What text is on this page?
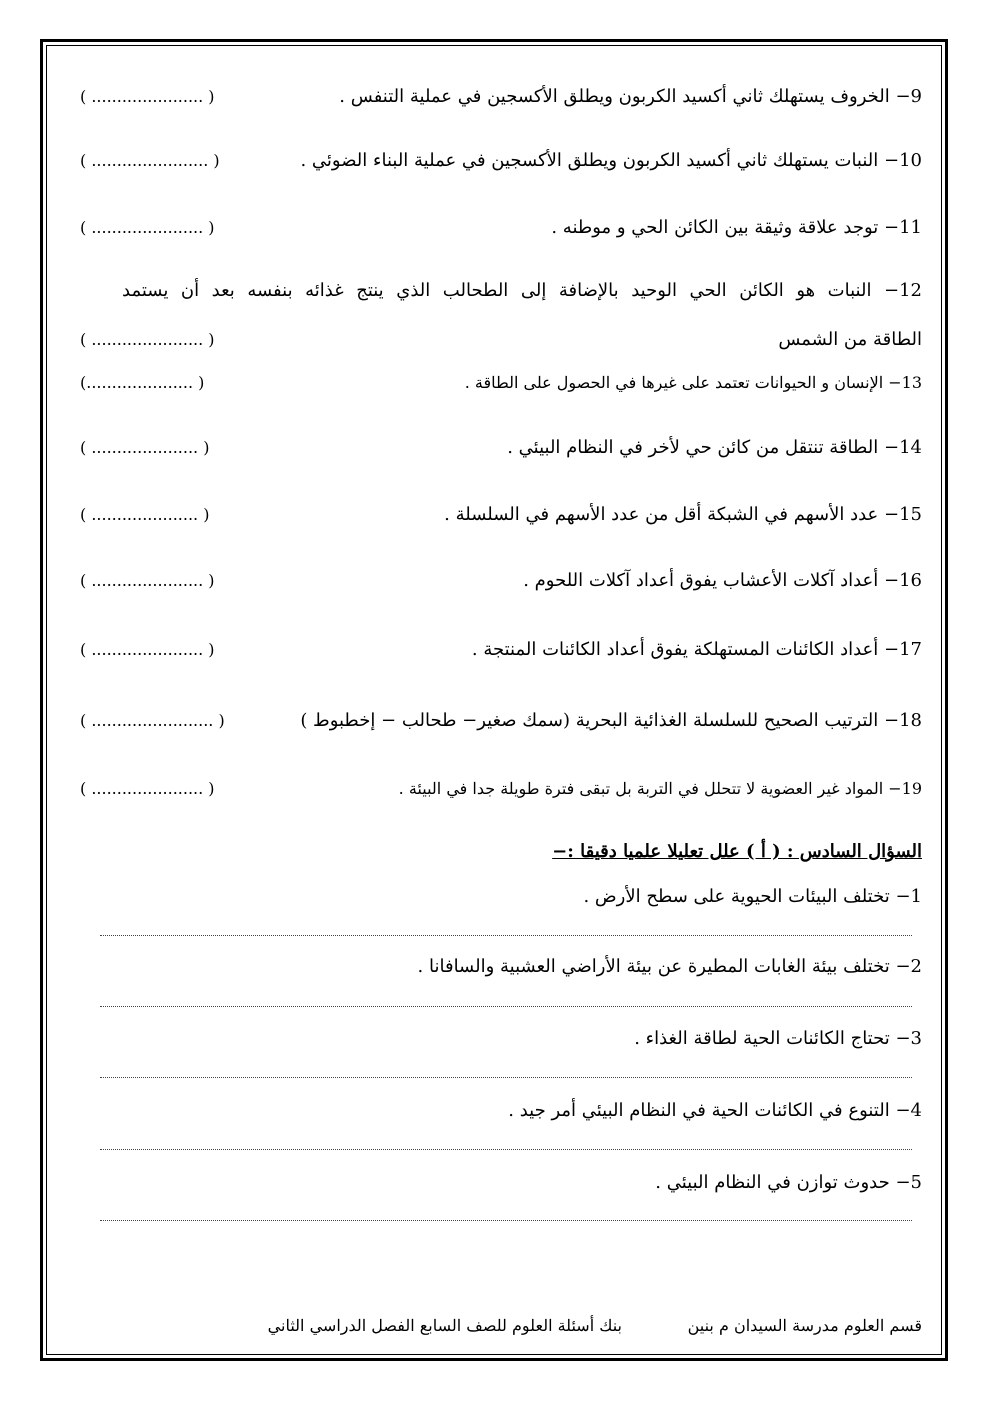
( ...................... )	9− الخروف يستهلك ثاني أكسيد الكربون ويطلق الأكسجين في عملية التنفس .
( ....................... )	10− النبات يستهلك ثاني أكسيد الكربون ويطلق الأكسجين في عملية البناء الضوئي .
( ...................... )	11− توجد علاقة وثيقة بين الكائن الحي و موطنه .
12− النبات هو الكائن الحي الوحيد بالإضافة إلى الطحالب الذي ينتج غذائه بنفسه بعد أن يستمد
( ...................... )	الطاقة من الشمس
(..................... )	13− الإنسان و الحيوانات تعتمد على غيرها في الحصول على الطاقة .
( ..................... )	14− الطاقة تنتقل من كائن حي لأخر في النظام البيئي .
( ..................... )	15− عدد الأسهم في الشبكة أقل من عدد الأسهم في السلسلة .
( ...................... )	16− أعداد آكلات الأعشاب يفوق أعداد آكلات اللحوم .
( ...................... )	17− أعداد الكائنات المستهلكة يفوق أعداد الكائنات المنتجة .
( ........................ )	18− الترتيب الصحيح للسلسلة الغذائية البحرية (سمك صغير− طحالب − إخطبوط )
( ...................... )	19− المواد غير العضوية لا تتحلل في التربة بل تبقى فترة طويلة جدا في البيئة .
السؤال السادس : ( أ ) علل تعليلا علميا دقيقا :−
1− تختلف البيئات الحيوية على سطح الأرض .
2− تختلف بيئة الغابات المطيرة عن بيئة الأراضي العشبية والسافانا .
3− تحتاج الكائنات الحية لطاقة الغذاء .
4− التنوع في الكائنات الحية في النظام البيئي أمر جيد .
5− حدوث توازن في النظام البيئي .
قسم العلوم مدرسة السيدان م بنين
بنك أسئلة العلوم للصف السابع الفصل الدراسي الثاني
